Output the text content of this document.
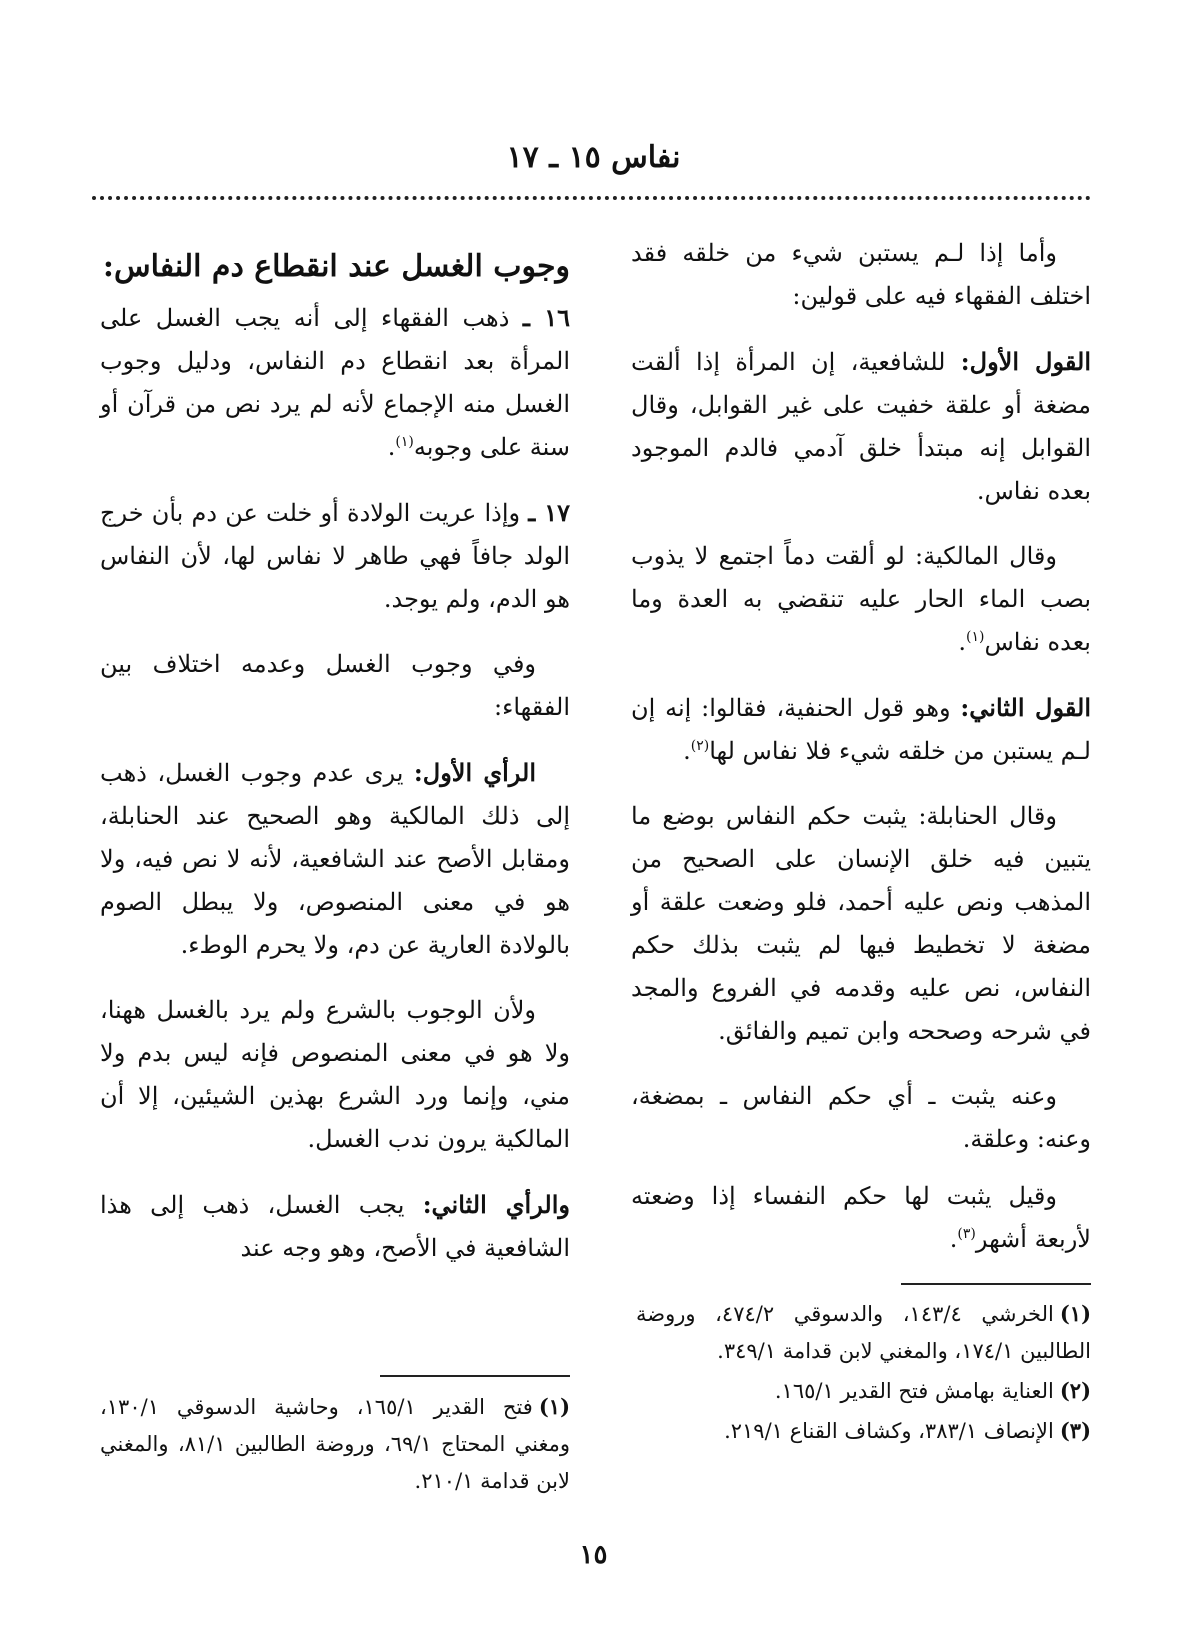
نفاس ١٥ ـ ١٧

وأما إذا لـم يستبن شيء من خلقه فقد اختلف الفقهاء فيه على قولين:

القول الأول: للشافعية، إن المرأة إذا ألقت مضغة أو علقة خفيت على غير القوابل، وقال القوابل إنه مبتدأ خلق آدمي فالدم الموجود بعده نفاس.

وقال المالكية: لو ألقت دماً اجتمع لا يذوب بصب الماء الحار عليه تنقضي به العدة وما بعده نفاس$^{(١)}$.

القول الثاني: وهو قول الحنفية، فقالوا: إنه إن لـم يستبن من خلقه شيء فلا نفاس لها$^{(٢)}$.

وقال الحنابلة: يثبت حكم النفاس بوضع ما يتبين فيه خلق الإنسان على الصحيح من المذهب ونص عليه أحمد، فلو وضعت علقة أو مضغة لا تخطيط فيها لم يثبت بذلك حكم النفاس، نص عليه وقدمه في الفروع والمجد في شرحه وصححه وابن تميم والفائق.

وعنه يثبت ـ أي حكم النفاس ـ بمضغة، وعنه: وعلقة.

وقيل يثبت لها حكم النفساء إذا وضعته لأربعة أشهر$^{(٣)}$.

وجوب الغسل عند انقطاع دم النفاس:

١٦ ـ ذهب الفقهاء إلى أنه يجب الغسل على المرأة بعد انقطاع دم النفاس، ودليل وجوب الغسل منه الإجماع لأنه لم يرد نص من قرآن أو سنة على وجوبه$^{(١)}$.

١٧ ـ وإذا عريت الولادة أو خلت عن دم بأن خرج الولد جافاً فهي طاهر لا نفاس لها، لأن النفاس هو الدم، ولم يوجد.

وفي وجوب الغسل وعدمه اختلاف بين الفقهاء:

الرأي الأول: يرى عدم وجوب الغسل، ذهب إلى ذلك المالكية وهو الصحيح عند الحنابلة، ومقابل الأصح عند الشافعية، لأنه لا نص فيه، ولا هو في معنى المنصوص، ولا يبطل الصوم بالولادة العارية عن دم، ولا يحرم الوطء.

ولأن الوجوب بالشرع ولم يرد بالغسل ههنا، ولا هو في معنى المنصوص فإنه ليس بدم ولا مني، وإنما ورد الشرع بهذين الشيئين، إلا أن المالكية يرون ندب الغسل.

والرأي الثاني: يجب الغسل، ذهب إلى هذا الشافعية في الأصح، وهو وجه عند

(١)الخرشي ١٤٣/٤، والدسوقي ٤٧٤/٢، وروضة الطالبين ١٧٤/١، والمغني لابن قدامة ٣٤٩/١.

(٢)العناية بهامش فتح القدير ١٦٥/١.

(٣)الإنصاف ٣٨٣/١، وكشاف القناع ٢١٩/١.

(١)فتح القدير ١٦٥/١، وحاشية الدسوقي ١٣٠/١، ومغني المحتاج ٦٩/١، وروضة الطالبين ٨١/١، والمغني لابن قدامة ٢١٠/١.

١٥
